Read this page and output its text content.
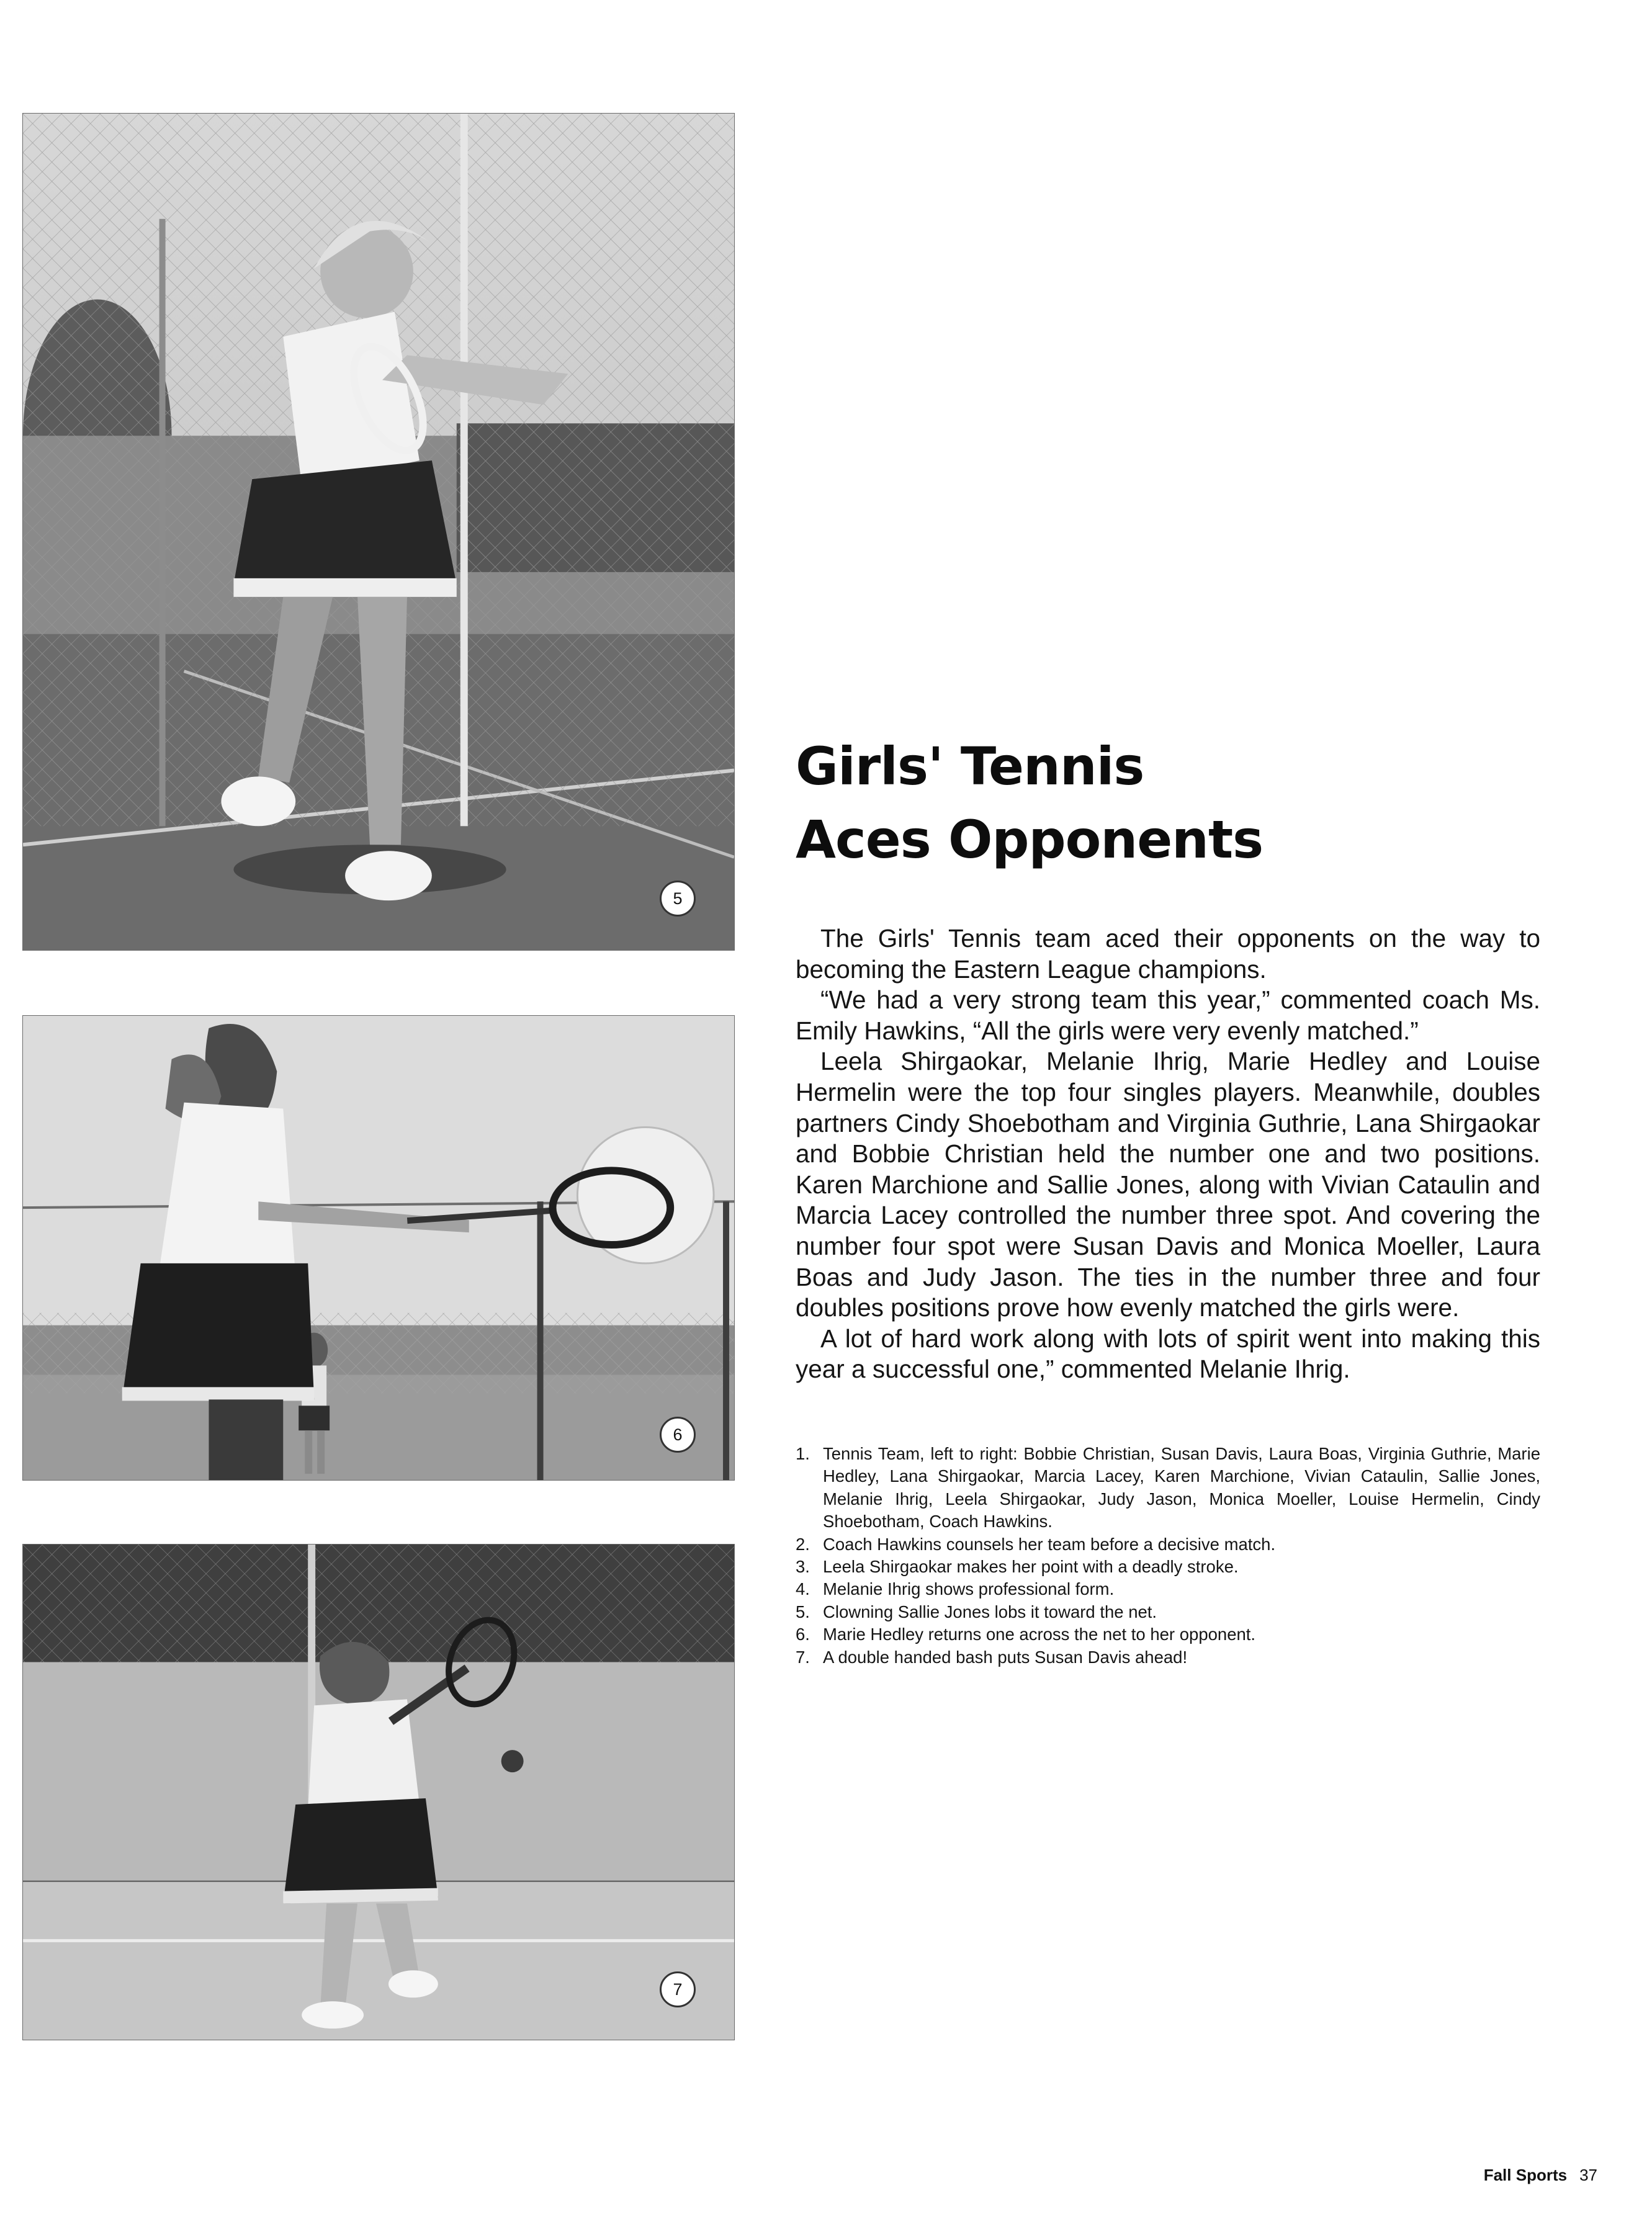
5
6
7
Girls' Tennis
Aces Opponents

The Girls' Tennis team aced their opponents on the way to becoming the Eastern League champions.

“We had a very strong team this year,” commented coach Ms. Emily Hawkins, “All the girls were very evenly matched.”

Leela Shirgaokar, Melanie Ihrig, Marie Hedley and Louise Hermelin were the top four singles players. Meanwhile, doubles partners Cindy Shoebotham and Virginia Guthrie, Lana Shirgaokar and Bobbie Christian held the number one and two positions. Karen Marchione and Sallie Jones, along with Vivian Cataulin and Marcia Lacey controlled the number three spot. And covering the number four spot were Susan Davis and Monica Moeller, Laura Boas and Judy Jason. The ties in the number three and four doubles positions prove how evenly matched the girls were.

A lot of hard work along with lots of spirit went into making this year a successful one,” commented Melanie Ihrig.

1. Tennis Team, left to right: Bobbie Christian, Susan Davis, Laura Boas, Virginia Guthrie, Marie Hedley, Lana Shirgaokar, Marcia Lacey, Karen Marchione, Vivian Cataulin, Sallie Jones, Melanie Ihrig, Leela Shirgaokar, Judy Jason, Monica Moeller, Louise Hermelin, Cindy Shoebotham, Coach Hawkins.
2. Coach Hawkins counsels her team before a decisive match.
3. Leela Shirgaokar makes her point with a deadly stroke.
4. Melanie Ihrig shows professional form.
5. Clowning Sallie Jones lobs it toward the net.
6. Marie Hedley returns one across the net to her opponent.
7. A double handed bash puts Susan Davis ahead!
Fall Sports 37
